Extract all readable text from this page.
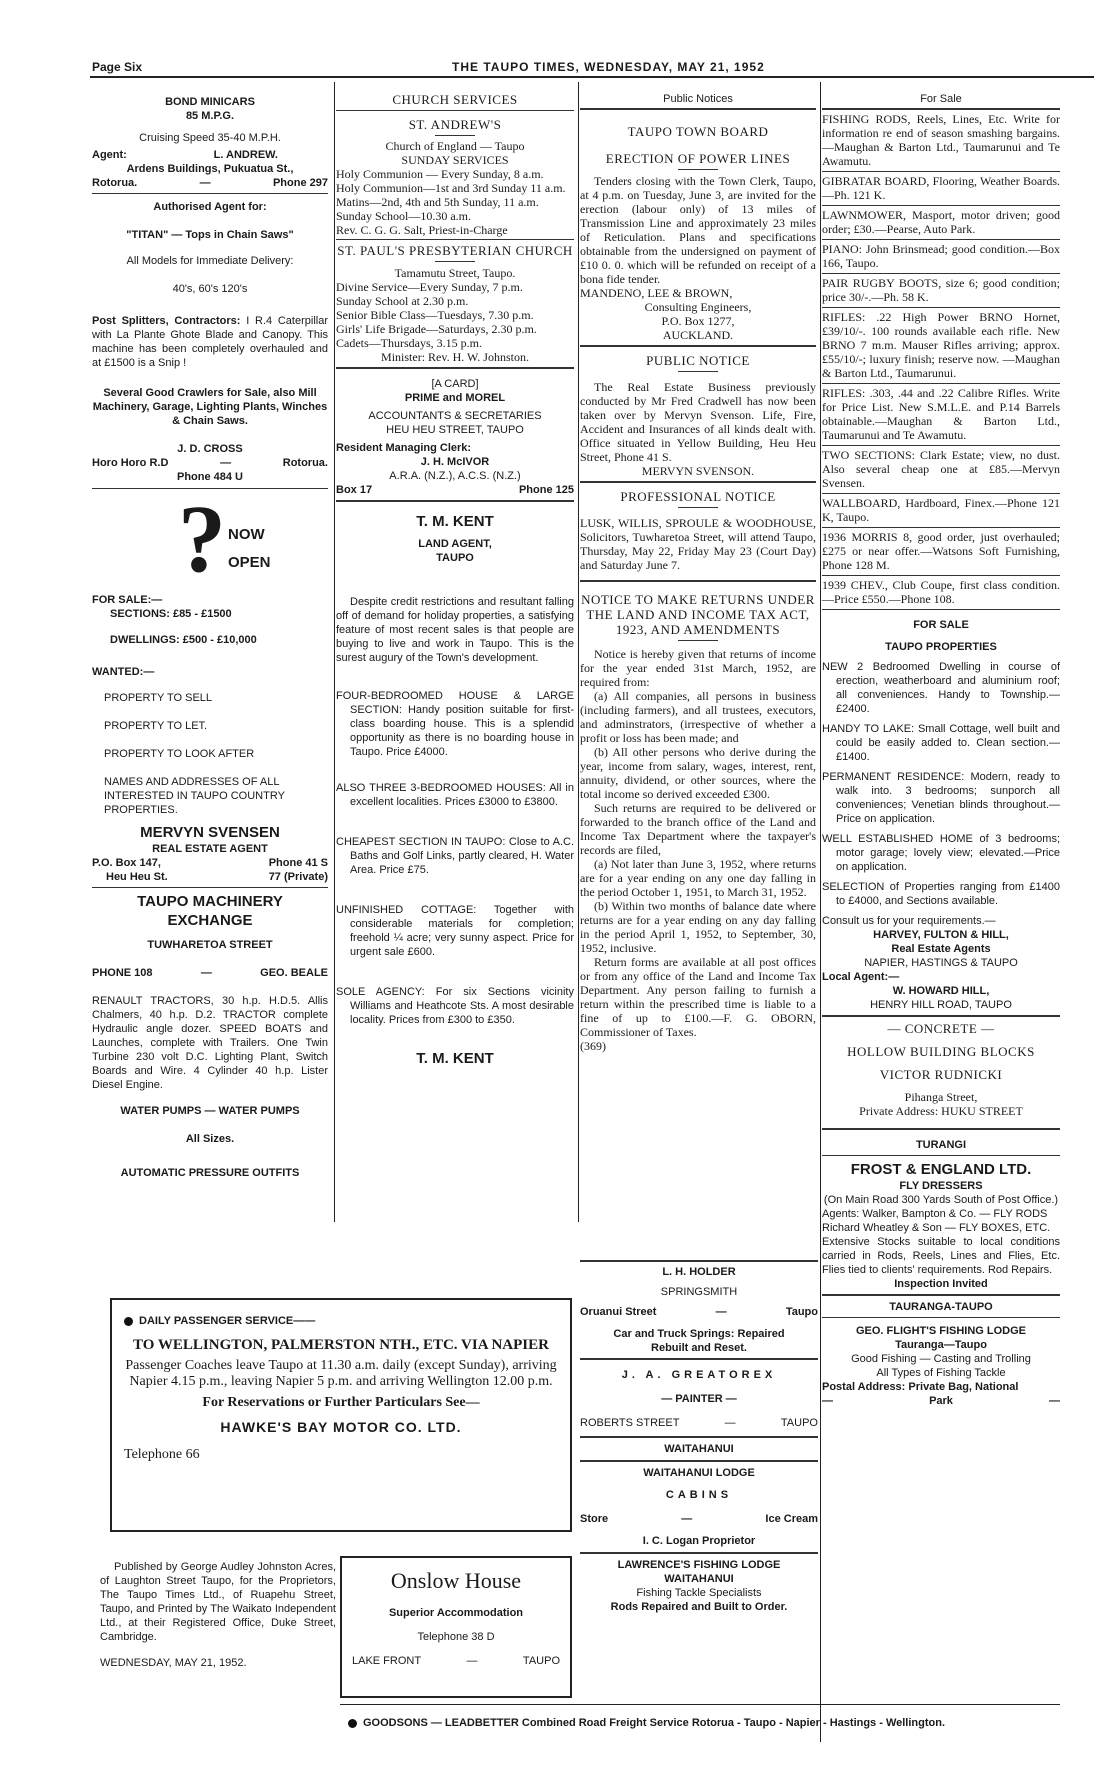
Page Six	THE TAUPO TIMES, WEDNESDAY, MAY 21, 1952
BOND MINICARS
85 M.P.G.
Cruising Speed 35-40 M.P.H.
Agent:	L. ANDREW.
Ardens Buildings, Pukuatua St.,
Rotorua.	—	Phone 297
Authorised Agent for:
"TITAN" — Tops in Chain Saws"
All Models for Immediate Delivery:
40's, 60's 120's
Post Splitters, Contractors: I R.4 Caterpillar with La Plante Ghote Blade and Canopy. This machine has been completely overhauled and at £1500 is a Snip !
Several Good Crawlers for Sale, also Mill Machinery, Garage, Lighting Plants, Winches & Chain Saws.
J. D. CROSS
Horo Horo R.D	—	Rotorua.
Phone 484 U
? NOW
OPEN
FOR SALE:—
SECTIONS: £85 - £1500
DWELLINGS: £500 - £10,000
WANTED:—
PROPERTY TO SELL
PROPERTY TO LET.
PROPERTY TO LOOK AFTER
NAMES AND ADDRESSES OF ALL INTERESTED IN TAUPO COUNTRY PROPERTIES.
MERVYN SVENSEN
REAL ESTATE AGENT
P.O. Box 147,	Phone 41 S
Heu Heu St.	77 (Private)
TAUPO MACHINERY
EXCHANGE
TUWHARETOA STREET
PHONE 108	—	GEO. BEALE
RENAULT TRACTORS, 30 h.p. H.D.5. Allis Chalmers, 40 h.p. D.2. TRACTOR complete Hydraulic angle dozer. SPEED BOATS and Launches, complete with Trailers. One Twin Turbine 230 volt D.C. Lighting Plant, Switch Boards and Wire. 4 Cylinder 40 h.p. Lister Diesel Engine.
WATER PUMPS — WATER PUMPS
All Sizes.
AUTOMATIC PRESSURE OUTFITS
CHURCH SERVICES
ST. ANDREW'S
Church of England — Taupo
SUNDAY SERVICES
Holy Communion — Every Sunday, 8 a.m.
Holy Communion—1st and 3rd Sunday 11 a.m.
Matins—2nd, 4th and 5th Sunday, 11 a.m.
Sunday School—10.30 a.m.
Rev. C. G. G. Salt, Priest-in-Charge
ST. PAUL'S PRESBYTERIAN CHURCH
Tamamutu Street, Taupo.
Divine Service—Every Sunday, 7 p.m.
Sunday School at 2.30 p.m.
Senior Bible Class—Tuesdays, 7.30 p.m.
Girls' Life Brigade—Saturdays, 2.30 p.m.
Cadets—Thursdays, 3.15 p.m.
Minister: Rev. H. W. Johnston.
[A CARD]
PRIME and MOREL
ACCOUNTANTS & SECRETARIES
HEU HEU STREET, TAUPO
Resident Managing Clerk:
J. H. McIVOR
A.R.A. (N.Z.), A.C.S. (N.Z.)
Box 17	Phone 125
T. M. KENT
LAND AGENT,
TAUPO
Despite credit restrictions and resultant falling off of demand for holiday properties, a satisfying feature of most recent sales is that people are buying to live and work in Taupo. This is the surest augury of the Town's development.
FOUR-BEDROOMED HOUSE & LARGE SECTION: Handy position suitable for first-class boarding house. This is a splendid opportunity as there is no boarding house in Taupo. Price £4000.
ALSO THREE 3-BEDROOMED HOUSES: All in excellent localities. Prices £3000 to £3800.
CHEAPEST SECTION IN TAUPO: Close to A.C. Baths and Golf Links, partly cleared, H. Water Area. Price £75.
UNFINISHED COTTAGE: Together with considerable materials for completion; freehold ¼ acre; very sunny aspect. Price for urgent sale £600.
SOLE AGENCY: For six Sections vicinity Williams and Heathcote Sts. A most desirable locality. Prices from £300 to £350.
T. M. KENT
Public Notices
TAUPO TOWN BOARD
ERECTION OF POWER LINES
Tenders closing with the Town Clerk, Taupo, at 4 p.m. on Tuesday, June 3, are invited for the erection (labour only) of 13 miles of Transmission Line and approximately 23 miles of Reticulation. Plans and specifications obtainable from the undersigned on payment of £10 0. 0. which will be refunded on receipt of a bona fide tender.
MANDENO, LEE & BROWN,
Consulting Engineers,
P.O. Box 1277,
AUCKLAND.
PUBLIC NOTICE
The Real Estate Business previously conducted by Mr Fred Cradwell has now been taken over by Mervyn Svenson. Life, Fire, Accident and Insurances of all kinds dealt with. Office situated in Yellow Building, Heu Heu Street, Phone 41 S.
MERVYN SVENSON.
PROFESSIONAL NOTICE
LUSK, WILLIS, SPROULE & WOODHOUSE, Solicitors, Tuwharetoa Street, will attend Taupo, Thursday, May 22, Friday May 23 (Court Day) and Saturday June 7.
NOTICE TO MAKE RETURNS UNDER THE LAND AND INCOME TAX ACT, 1923, AND AMENDMENTS
Notice is hereby given that returns of income for the year ended 31st March, 1952, are required from:
(a) All companies, all persons in business (including farmers), and all trustees, executors, and adminstrators, (irrespective of whether a profit or loss has been made; and
(b) All other persons who derive during the year, income from salary, wages, interest, rent, annuity, dividend, or other sources, where the total income so derived exceeded £300.
Such returns are required to be delivered or forwarded to the branch office of the Land and Income Tax Department where the taxpayer's records are filed,
(a) Not later than June 3, 1952, where returns are for a year ending on any one day falling in the period October 1, 1951, to March 31, 1952.
(b) Within two months of balance date where returns are for a year ending on any day falling in the period April 1, 1952, to September, 30, 1952, inclusive.
Return forms are available at all post offices or from any office of the Land and Income Tax Department. Any person failing to furnish a return within the prescribed time is liable to a fine of up to £100.—F. G. OBORN, Commissioner of Taxes.
(369)
L. H. HOLDER
SPRINGSMITH
Oruanui Street	—	Taupo
Car and Truck Springs: Repaired
Rebuilt and Reset.
J. A. GREATOREX
— PAINTER —
ROBERTS STREET	—	TAUPO
WAITAHANUI
WAITAHANUI LODGE
CABINS
Store	—	Ice Cream
I. C. Logan Proprietor
LAWRENCE'S FISHING LODGE
WAITAHANUI
Fishing Tackle Specialists
Rods Repaired and Built to Order.
For Sale
FISHING RODS, Reels, Lines, Etc. Write for information re end of season smashing bargains.—Maughan & Barton Ltd., Taumarunui and Te Awamutu.
GIBRATAR BOARD, Flooring, Weather Boards.—Ph. 121 K.
LAWNMOWER, Masport, motor driven; good order; £30.—Pearse, Auto Park.
PIANO: John Brinsmead; good condition.—Box 166, Taupo.
PAIR RUGBY BOOTS, size 6; good condition; price 30/-.—Ph. 58 K.
RIFLES: .22 High Power BRNO Hornet, £39/10/-. 100 rounds available each rifle. New BRNO 7 m.m. Mauser Rifles arriving; approx. £55/10/-; luxury finish; reserve now. —Maughan & Barton Ltd., Taumarunui.
RIFLES: .303, .44 and .22 Calibre Rifles. Write for Price List. New S.M.L.E. and P.14 Barrels obtainable.—Maughan & Barton Ltd., Taumarunui and Te Awamutu.
TWO SECTIONS: Clark Estate; view, no dust. Also several cheap one at £85.—Mervyn Svensen.
WALLBOARD, Hardboard, Finex.—Phone 121 K, Taupo.
1936 MORRIS 8, good order, just overhauled; £275 or near offer.—Watsons Soft Furnishing, Phone 128 M.
1939 CHEV., Club Coupe, first class condition.—Price £550.—Phone 108.
FOR SALE
TAUPO PROPERTIES
NEW 2 Bedroomed Dwelling in course of erection, weatherboard and aluminium roof; all conveniences. Handy to Township.—£2400.
HANDY TO LAKE: Small Cottage, well built and could be easily added to. Clean section.—£1400.
PERMANENT RESIDENCE: Modern, ready to walk into. 3 bedrooms; sunporch all conveniences; Venetian blinds throughout.—Price on application.
WELL ESTABLISHED HOME of 3 bedrooms; motor garage; lovely view; elevated.—Price on application.
SELECTION of Properties ranging from £1400 to £4000, and Sections available.
Consult us for your requirements.—
HARVEY, FULTON & HILL,
Real Estate Agents
NAPIER, HASTINGS & TAUPO
Local Agent:—
W. HOWARD HILL,
HENRY HILL ROAD, TAUPO
— CONCRETE —
HOLLOW BUILDING BLOCKS
VICTOR RUDNICKI
Pihanga Street,
Private Address: HUKU STREET
TURANGI
FROST & ENGLAND LTD.
FLY DRESSERS
(On Main Road 300 Yards South of Post Office.)
Agents: Walker, Bampton & Co. — FLY RODS
Richard Wheatley & Son — FLY BOXES, ETC.
Extensive Stocks suitable to local conditions carried in Rods, Reels, Lines and Flies, Etc. Flies tied to clients' requirements. Rod Repairs.
Inspection Invited
TAURANGA-TAUPO
GEO. FLIGHT'S FISHING LODGE
Tauranga—Taupo
Good Fishing — Casting and Trolling
All Types of Fishing Tackle
Postal Address: Private Bag, National
—	Park	—
DAILY PASSENGER SERVICE——
TO WELLINGTON, PALMERSTON NTH., ETC. VIA NAPIER
Passenger Coaches leave Taupo at 11.30 a.m. daily (except Sunday), arriving Napier 4.15 p.m., leaving Napier 5 p.m. and arriving Wellington 12.00 p.m.
For Reservations or Further Particulars See—
HAWKE'S BAY MOTOR CO. LTD.
Telephone 66
Published by George Audley Johnston Acres, of Laughton Street Taupo, for the Proprietors, The Taupo Times Ltd., of Ruapehu Street, Taupo, and Printed by The Waikato Independent Ltd., at their Registered Office, Duke Street, Cambridge.
WEDNESDAY, MAY 21, 1952.
Onslow House
Superior Accommodation
Telephone 38 D
LAKE FRONT	—	TAUPO
GOODSONS — LEADBETTER Combined Road Freight Service Rotorua - Taupo - Napier - Hastings - Wellington.
